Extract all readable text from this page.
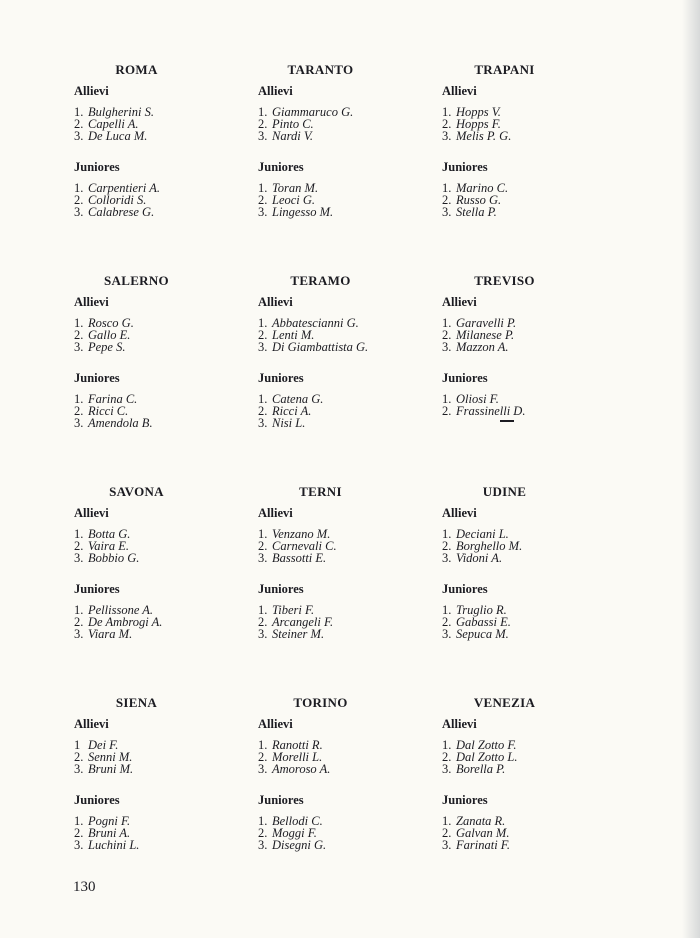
ROMA
Allievi
1. Bulgherini S.
2. Capelli A.
3. De Luca M.
Juniores
1. Carpentieri A.
2. Colloridi S.
3. Calabrese G.
TARANTO
Allievi
1. Giammaruco G.
2. Pinto C.
3. Nardi V.
Juniores
1. Toran M.
2. Leoci G.
3. Lingesso M.
TRAPANI
Allievi
1. Hopps V.
2. Hopps F.
3. Melis P. G.
Juniores
1. Marino C.
2. Russo G.
3. Stella P.
SALERNO
Allievi
1. Rosco G.
2. Gallo E.
3. Pepe S.
Juniores
1. Farina C.
2. Ricci C.
3. Amendola B.
TERAMO
Allievi
1. Abbatescianni G.
2. Lenti M.
3. Di Giambattista G.
Juniores
1. Catena G.
2. Ricci A.
3. Nisi L.
TREVISO
Allievi
1. Garavelli P.
2. Milanese P.
3. Mazzon A.
Juniores
1. Oliosi F.
2. Frassinelli D.
SAVONA
Allievi
1. Botta G.
2. Vaira E.
3. Bobbio G.
Juniores
1. Pellissone A.
2. De Ambrogi A.
3. Viara M.
TERNI
Allievi
1. Venzano M.
2. Carnevali C.
3. Bassotti E.
Juniores
1. Tiberi F.
2. Arcangeli F.
3. Steiner M.
UDINE
Allievi
1. Deciani L.
2. Borghello M.
3. Vidoni A.
Juniores
1. Truglio R.
2. Gabassi E.
3. Sepuca M.
SIENA
Allievi
1 Dei F.
2. Senni M.
3. Bruni M.
Juniores
1. Pogni F.
2. Bruni A.
3. Luchini L.
TORINO
Allievi
1. Ranotti R.
2. Morelli L.
3. Amoroso A.
Juniores
1. Bellodi C.
2. Moggi F.
3. Disegni G.
VENEZIA
Allievi
1. Dal Zotto F.
2. Dal Zotto L.
3. Borella P.
Juniores
1. Zanata R.
2. Galvan M.
3. Farinati F.
130
